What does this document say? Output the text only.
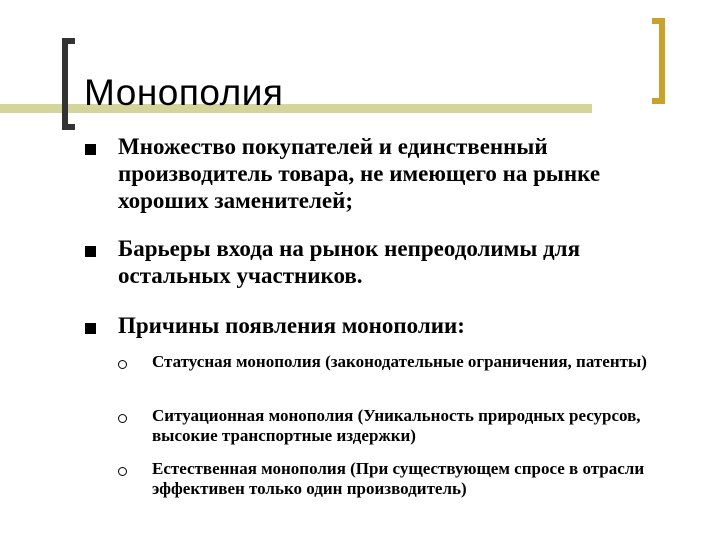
Монополия

Множество покупателей и единственный производитель товара, не имеющего на рынке хороших заменителей;

Барьеры входа на рынок непреодолимы для остальных участников.

Причины появления монополии:

Статусная монополия (законодательные ограничения, патенты)

Ситуационная монополия (Уникальность природных ресурсов, высокие транспортные издержки)

Естественная монополия (При существующем спросе в отрасли эффективен только один производитель)
